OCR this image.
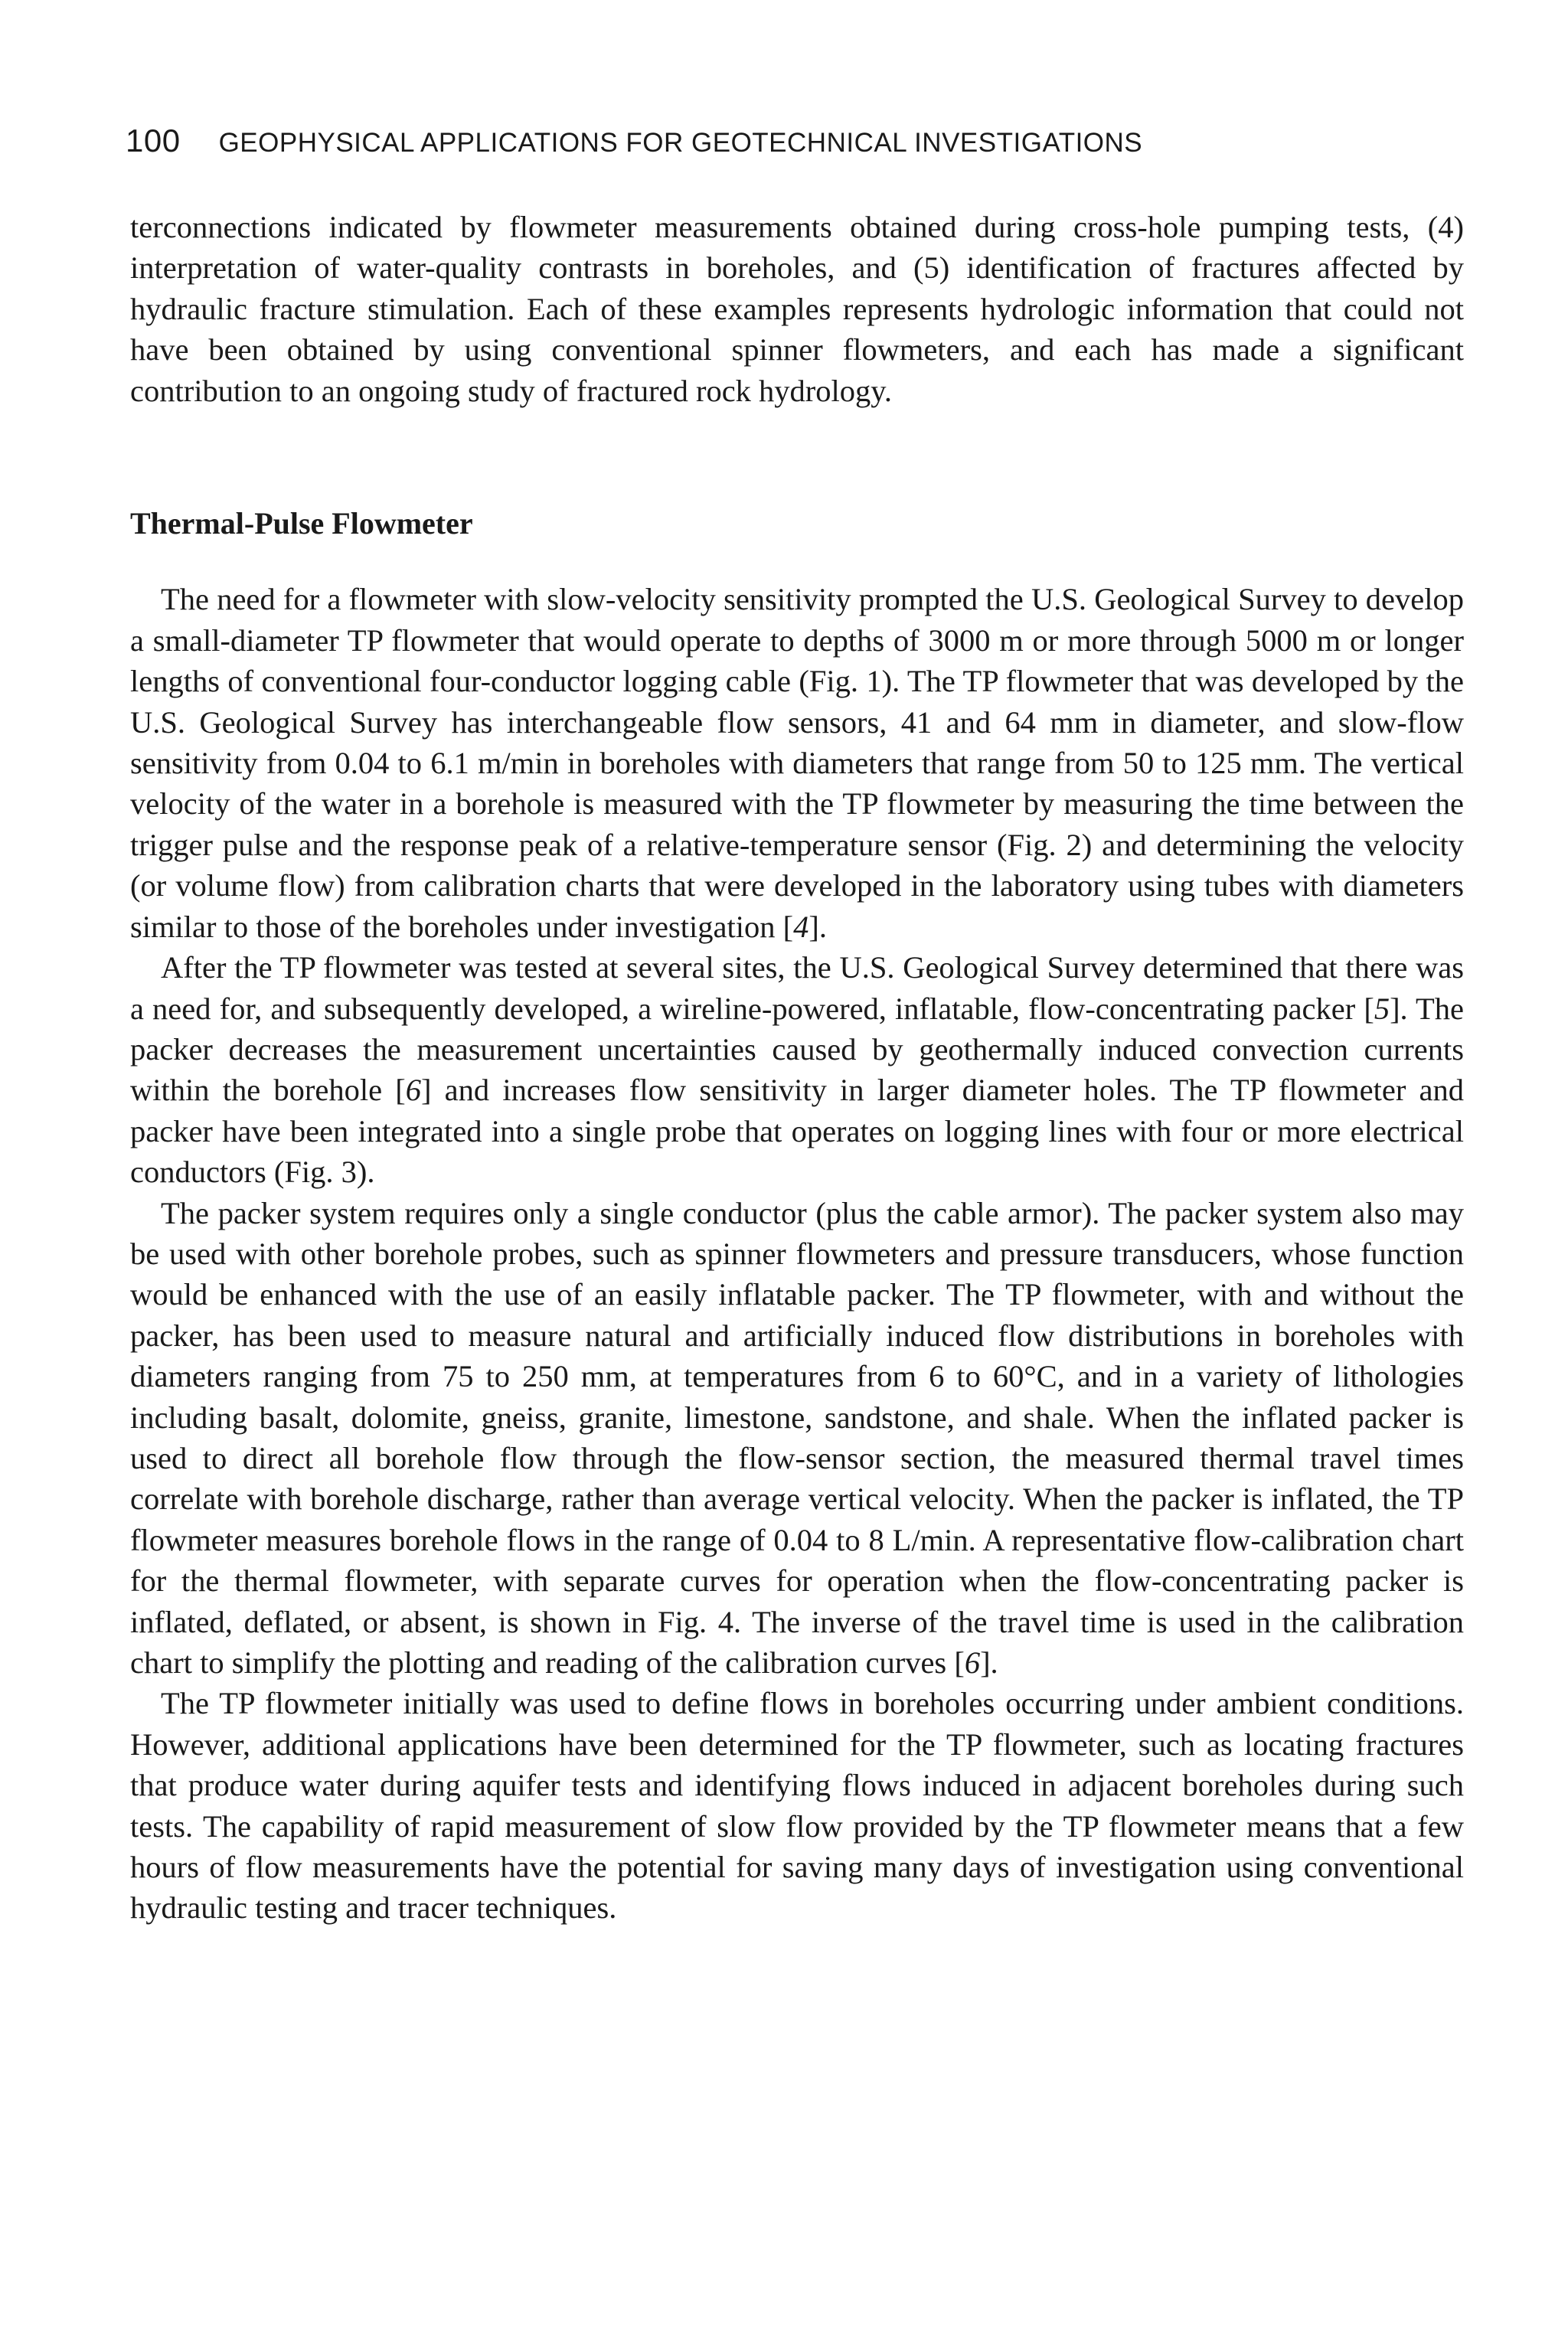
100 GEOPHYSICAL APPLICATIONS FOR GEOTECHNICAL INVESTIGATIONS

terconnections indicated by flowmeter measurements obtained during cross-hole pumping tests, (4) interpretation of water-quality contrasts in boreholes, and (5) identification of fractures affected by hydraulic fracture stimulation. Each of these examples represents hydrologic information that could not have been obtained by using conventional spinner flowmeters, and each has made a significant contribution to an ongoing study of fractured rock hydrology.

Thermal-Pulse Flowmeter

The need for a flowmeter with slow-velocity sensitivity prompted the U.S. Geological Survey to develop a small-diameter TP flowmeter that would operate to depths of 3000 m or more through 5000 m or longer lengths of conventional four-conductor logging cable (Fig. 1). The TP flowmeter that was developed by the U.S. Geological Survey has interchangeable flow sensors, 41 and 64 mm in diameter, and slow-flow sensitivity from 0.04 to 6.1 m/min in boreholes with diameters that range from 50 to 125 mm. The vertical velocity of the water in a borehole is measured with the TP flowmeter by measuring the time between the trigger pulse and the response peak of a relative-temperature sensor (Fig. 2) and determining the velocity (or volume flow) from calibration charts that were developed in the laboratory using tubes with diameters similar to those of the boreholes under investigation [4].

After the TP flowmeter was tested at several sites, the U.S. Geological Survey determined that there was a need for, and subsequently developed, a wireline-powered, inflatable, flow-concentrating packer [5]. The packer decreases the measurement uncertainties caused by geothermally induced convection currents within the borehole [6] and increases flow sensitivity in larger diameter holes. The TP flowmeter and packer have been integrated into a single probe that operates on logging lines with four or more electrical conductors (Fig. 3).

The packer system requires only a single conductor (plus the cable armor). The packer system also may be used with other borehole probes, such as spinner flowmeters and pressure transducers, whose function would be enhanced with the use of an easily inflatable packer. The TP flowmeter, with and without the packer, has been used to measure natural and artificially induced flow distributions in boreholes with diameters ranging from 75 to 250 mm, at temperatures from 6 to 60°C, and in a variety of lithologies including basalt, dolomite, gneiss, granite, limestone, sandstone, and shale. When the inflated packer is used to direct all borehole flow through the flow-sensor section, the measured thermal travel times correlate with borehole discharge, rather than average vertical velocity. When the packer is inflated, the TP flowmeter measures borehole flows in the range of 0.04 to 8 L/min. A representative flow-calibration chart for the thermal flowmeter, with separate curves for operation when the flow-concentrating packer is inflated, deflated, or absent, is shown in Fig. 4. The inverse of the travel time is used in the calibration chart to simplify the plotting and reading of the calibration curves [6].

The TP flowmeter initially was used to define flows in boreholes occurring under ambient conditions. However, additional applications have been determined for the TP flowmeter, such as locating fractures that produce water during aquifer tests and identifying flows induced in adjacent boreholes during such tests. The capability of rapid measurement of slow flow provided by the TP flowmeter means that a few hours of flow measurements have the potential for saving many days of investigation using conventional hydraulic testing and tracer techniques.
